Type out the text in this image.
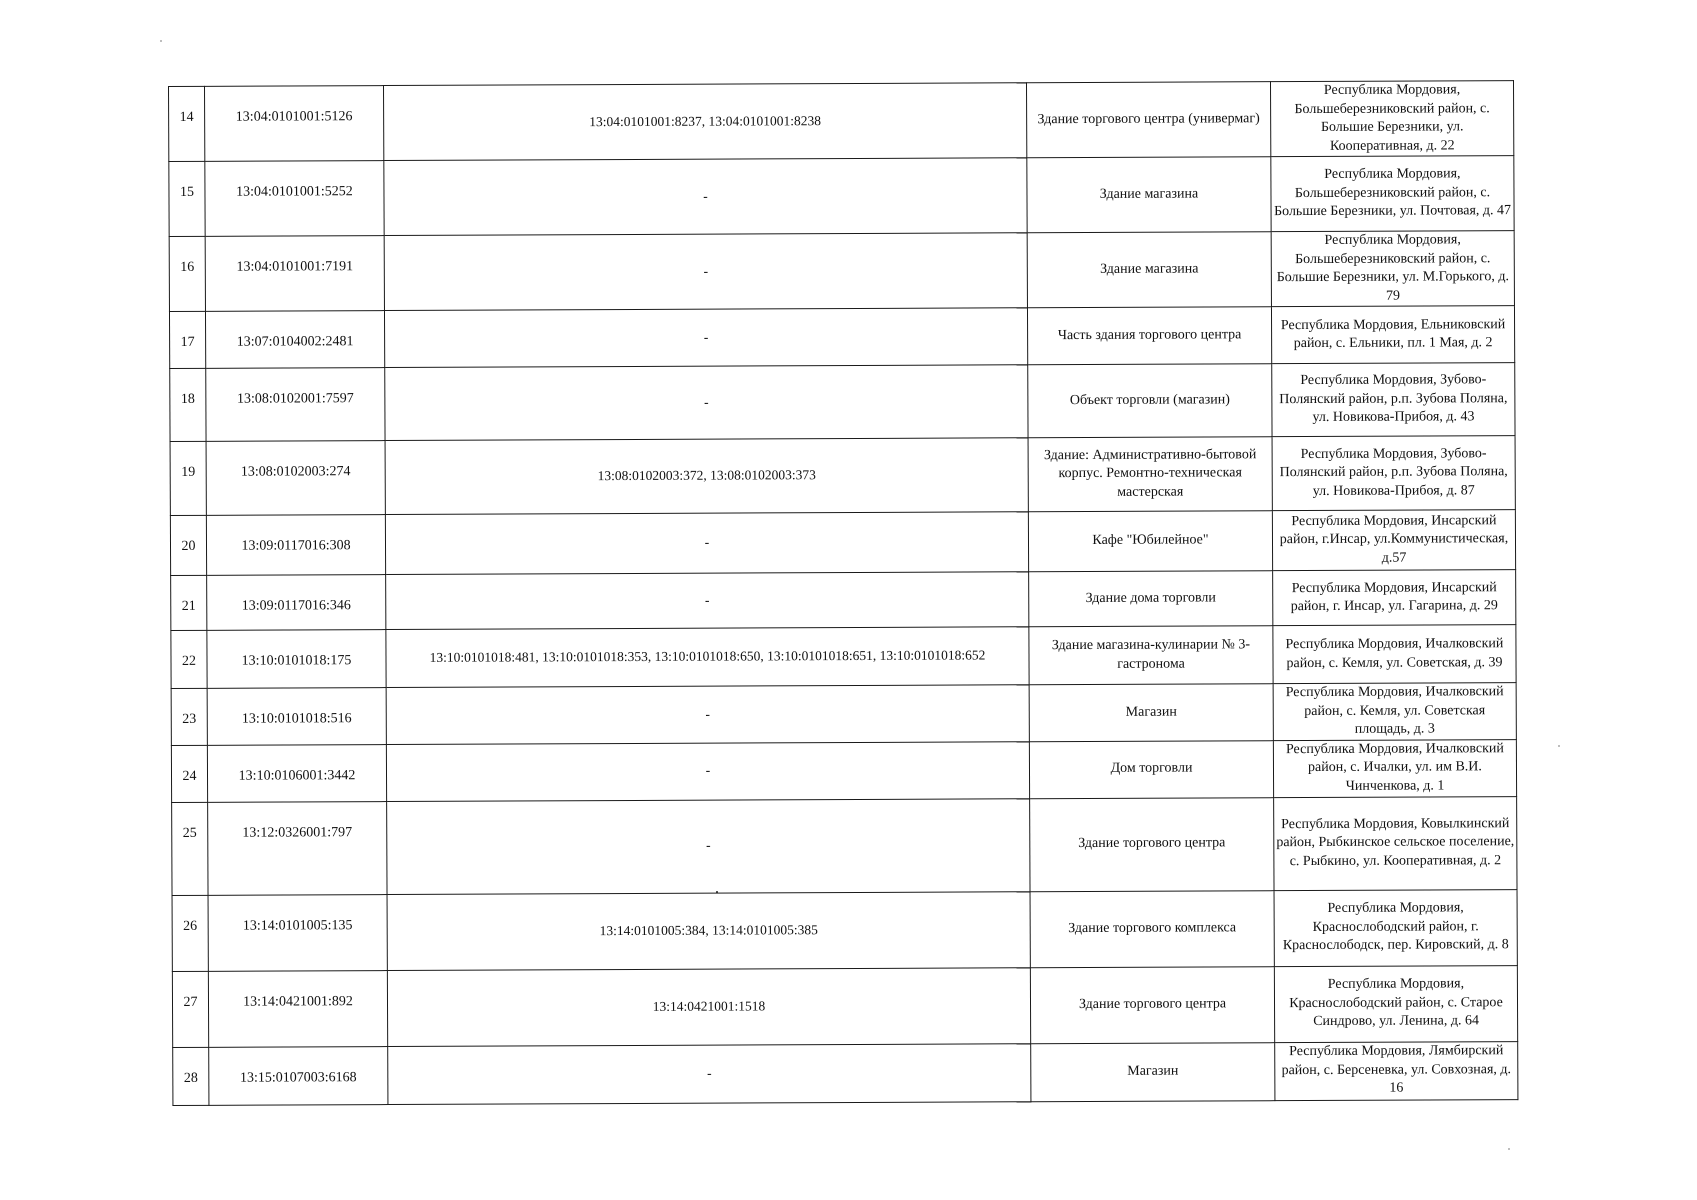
14	13:04:0101001:5126	13:04:0101001:8237, 13:04:0101001:8238	Здание торгового центра (универмаг)	Республика Мордовия, Большеберезниковский район, с. Большие Березники, ул. Кооперативная, д. 22
15	13:04:0101001:5252	-	Здание магазина	Республика Мордовия, Большеберезниковский район, с. Большие Березники, ул. Почтовая, д. 47
16	13:04:0101001:7191	-	Здание магазина	Республика Мордовия, Большеберезниковский район, с. Большие Березники, ул. М.Горького, д. 79
17	13:07:0104002:2481	-	Часть здания торгового центра	Республика Мордовия, Ельниковский район, с. Ельники, пл. 1 Мая, д. 2
18	13:08:0102001:7597	-	Объект торговли (магазин)	Республика Мордовия, Зубово-Полянский район, р.п. Зубова Поляна, ул. Новикова-Прибоя, д. 43
19	13:08:0102003:274	13:08:0102003:372, 13:08:0102003:373	Здание: Административно-бытовой корпус. Ремонтно-техническая мастерская	Республика Мордовия, Зубово-Полянский район, р.п. Зубова Поляна, ул. Новикова-Прибоя, д. 87
20	13:09:0117016:308	-	Кафе "Юбилейное"	Республика Мордовия, Инсарский район, г.Инсар, ул.Коммунистическая, д.57
21	13:09:0117016:346	-	Здание дома торговли	Республика Мордовия, Инсарский район, г. Инсар, ул. Гагарина, д. 29
22	13:10:0101018:175	13:10:0101018:481, 13:10:0101018:353, 13:10:0101018:650, 13:10:0101018:651, 13:10:0101018:652	Здание магазина-кулинарии № 3-гастронома	Республика Мордовия, Ичалковский район, с. Кемля, ул. Советская, д. 39
23	13:10:0101018:516	-	Магазин	Республика Мордовия, Ичалковский район, с. Кемля, ул. Советская площадь, д. 3
24	13:10:0106001:3442	-	Дом торговли	Республика Мордовия, Ичалковский район, с. Ичалки, ул. им В.И. Чинченкова, д. 1
25	13:12:0326001:797	-	Здание торгового центра	Республика Мордовия, Ковылкинский район, Рыбкинское сельское поселение, с. Рыбкино, ул. Кооперативная, д. 2
26	13:14:0101005:135	13:14:0101005:384, 13:14:0101005:385	Здание торгового комплекса	Республика Мордовия, Краснослободский район, г. Краснослободск, пер. Кировский, д. 8
27	13:14:0421001:892	13:14:0421001:1518	Здание торгового центра	Республика Мордовия, Краснослободский район, с. Старое Синдрово, ул. Ленина, д. 64
28	13:15:0107003:6168	-	Магазин	Республика Мордовия, Лямбирский район, с. Берсеневка, ул. Совхозная, д. 16
